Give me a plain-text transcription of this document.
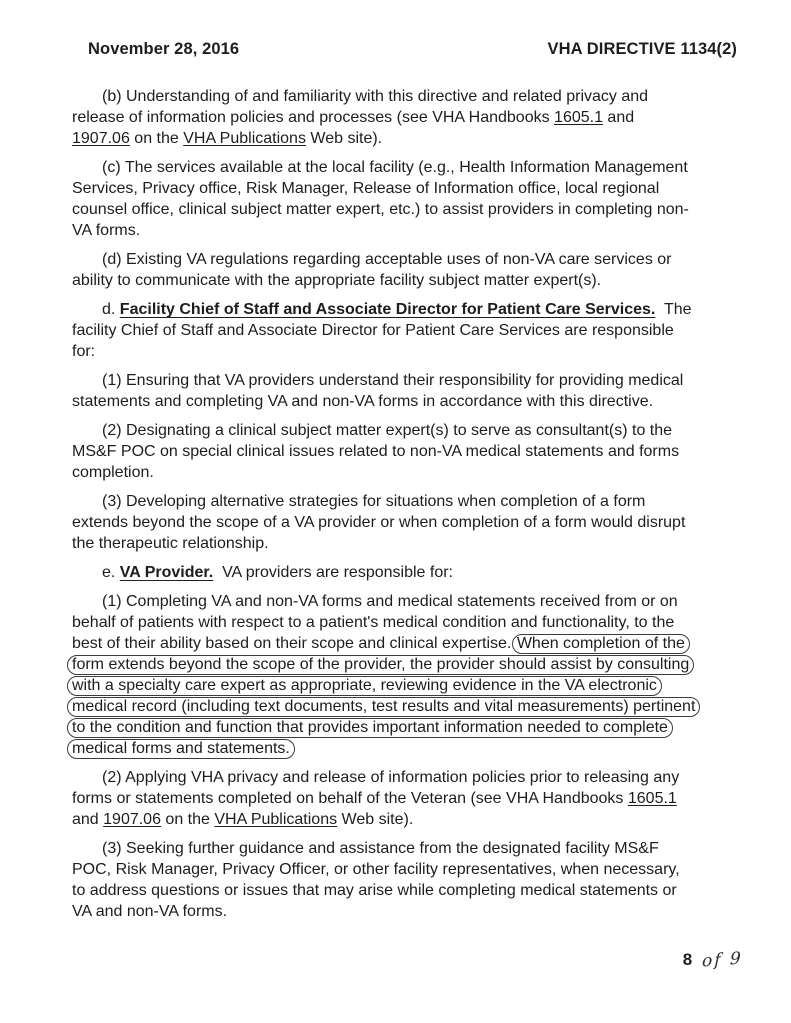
November 28, 2016	VHA DIRECTIVE 1134(2)
(b) Understanding of and familiarity with this directive and related privacy and
release of information policies and processes (see VHA Handbooks 1605.1 and
1907.06 on the VHA Publications Web site).
(c) The services available at the local facility (e.g., Health Information Management
Services, Privacy office, Risk Manager, Release of Information office, local regional
counsel office, clinical subject matter expert, etc.) to assist providers in completing non-
VA forms.
(d) Existing VA regulations regarding acceptable uses of non-VA care services or
ability to communicate with the appropriate facility subject matter expert(s).
d. Facility Chief of Staff and Associate Director for Patient Care Services.  The
facility Chief of Staff and Associate Director for Patient Care Services are responsible
for:
(1) Ensuring that VA providers understand their responsibility for providing medical
statements and completing VA and non-VA forms in accordance with this directive.
(2) Designating a clinical subject matter expert(s) to serve as consultant(s) to the
MS&F POC on special clinical issues related to non-VA medical statements and forms
completion.
(3) Developing alternative strategies for situations when completion of a form
extends beyond the scope of a VA provider or when completion of a form would disrupt
the therapeutic relationship.
e. VA Provider.  VA providers are responsible for:
(1) Completing VA and non-VA forms and medical statements received from or on
behalf of patients with respect to a patient's medical condition and functionality, to the
best of their ability based on their scope and clinical expertise. When completion of the
form extends beyond the scope of the provider, the provider should assist by consulting
with a specialty care expert as appropriate, reviewing evidence in the VA electronic
medical record (including text documents, test results and vital measurements) pertinent
to the condition and function that provides important information needed to complete
medical forms and statements.
(2) Applying VHA privacy and release of information policies prior to releasing any
forms or statements completed on behalf of the Veteran (see VHA Handbooks 1605.1
and 1907.06 on the VHA Publications Web site).
(3) Seeking further guidance and assistance from the designated facility MS&F
POC, Risk Manager, Privacy Officer, or other facility representatives, when necessary,
to address questions or issues that may arise while completing medical statements or
VA and non-VA forms.
8 of 9
